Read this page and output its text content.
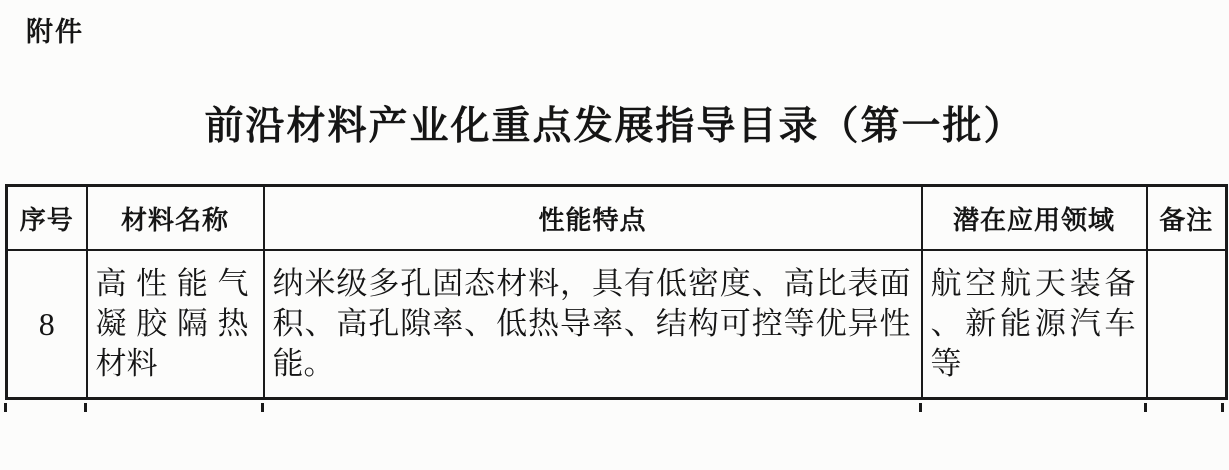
附件
前沿材料产业化重点发展指导目录（第一批）
序号	材料名称	性能特点	潜在应用领域	备注
8	高性能气凝胶隔热材料	纳米级多孔固态材料，具有低密度、高比表面积、高孔隙率、低热导率、结构可控等优异性能。	航空航天装备、新能源汽车等	
